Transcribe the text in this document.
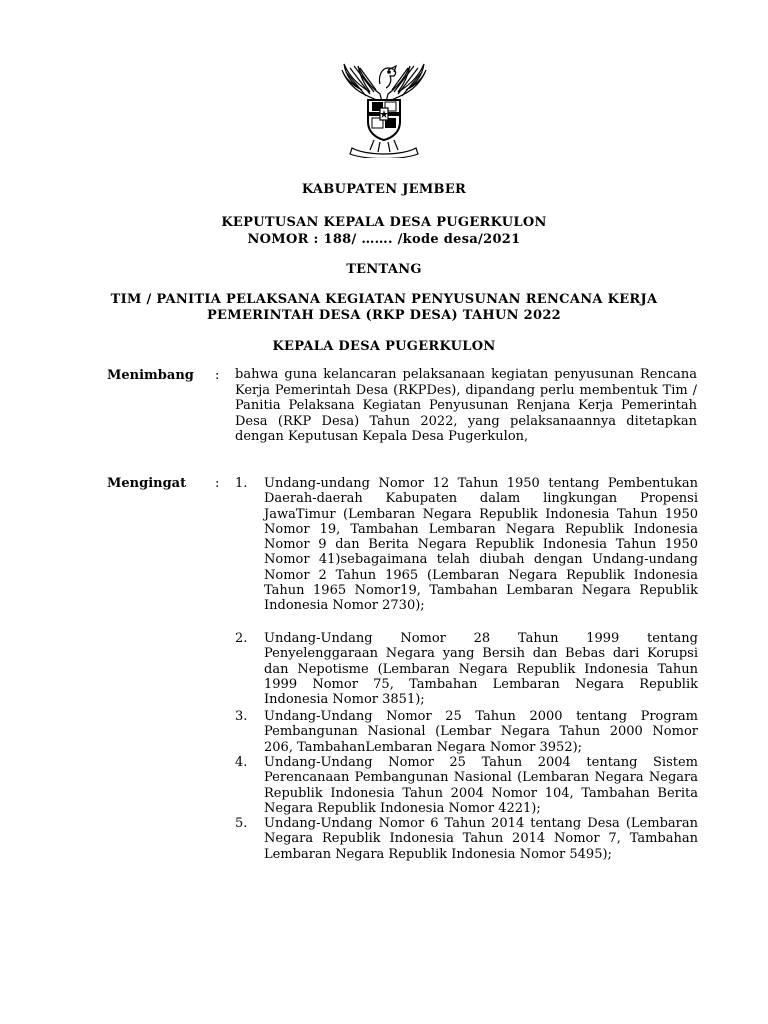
KABUPATEN JEMBER
KEPUTUSAN KEPALA DESA PUGERKULON
NOMOR : 188/ ……. /kode desa/2021
TENTANG
TIM / PANITIA PELAKSANA KEGIATAN PENYUSUNAN RENCANA KERJA
PEMERINTAH DESA (RKP DESA) TAHUN 2022
KEPALA DESA PUGERKULON
Menimbang : bahwa guna kelancaran pelaksanaan kegiatan penyusunan Rencana Kerja Pemerintah Desa (RKPDes), dipandang perlu membentuk Tim / Panitia Pelaksana Kegiatan Penyusunan Renjana Kerja Pemerintah Desa (RKP Desa) Tahun 2022, yang pelaksanaannya ditetapkan dengan Keputusan Kepala Desa Pugerkulon,
Mengingat : 1.	Undang-undang Nomor 12 Tahun 1950 tentang Pembentukan Daerah-daerah Kabupaten dalam lingkungan Propensi JawaTimur (Lembaran Negara Republik Indonesia Tahun 1950 Nomor 19, Tambahan Lembaran Negara Republik Indonesia Nomor 9 dan Berita Negara Republik Indonesia Tahun 1950 Nomor 41)sebagaimana telah diubah dengan Undang-undang Nomor 2 Tahun 1965 (Lembaran Negara Republik Indonesia Tahun 1965 Nomor19, Tambahan Lembaran Negara Republik Indonesia Nomor 2730);
2.	Undang-Undang Nomor 28 Tahun 1999 tentang Penyelenggaraan Negara yang Bersih dan Bebas dari Korupsi dan Nepotisme (Lembaran Negara Republik Indonesia Tahun 1999 Nomor 75, Tambahan Lembaran Negara Republik Indonesia Nomor 3851);
3.	Undang-Undang Nomor 25 Tahun 2000 tentang Program Pembangunan Nasional (Lembar Negara Tahun 2000 Nomor 206, TambahanLembaran Negara Nomor 3952);
4.	Undang-Undang Nomor 25 Tahun 2004 tentang Sistem Perencanaan Pembangunan Nasional (Lembaran Negara Negara Republik Indonesia Tahun 2004 Nomor 104, Tambahan Berita Negara Republik Indonesia Nomor 4221);
5.	Undang-Undang Nomor 6 Tahun 2014 tentang Desa (Lembaran Negara Republik Indonesia Tahun 2014 Nomor 7, Tambahan Lembaran Negara Republik Indonesia Nomor 5495);
